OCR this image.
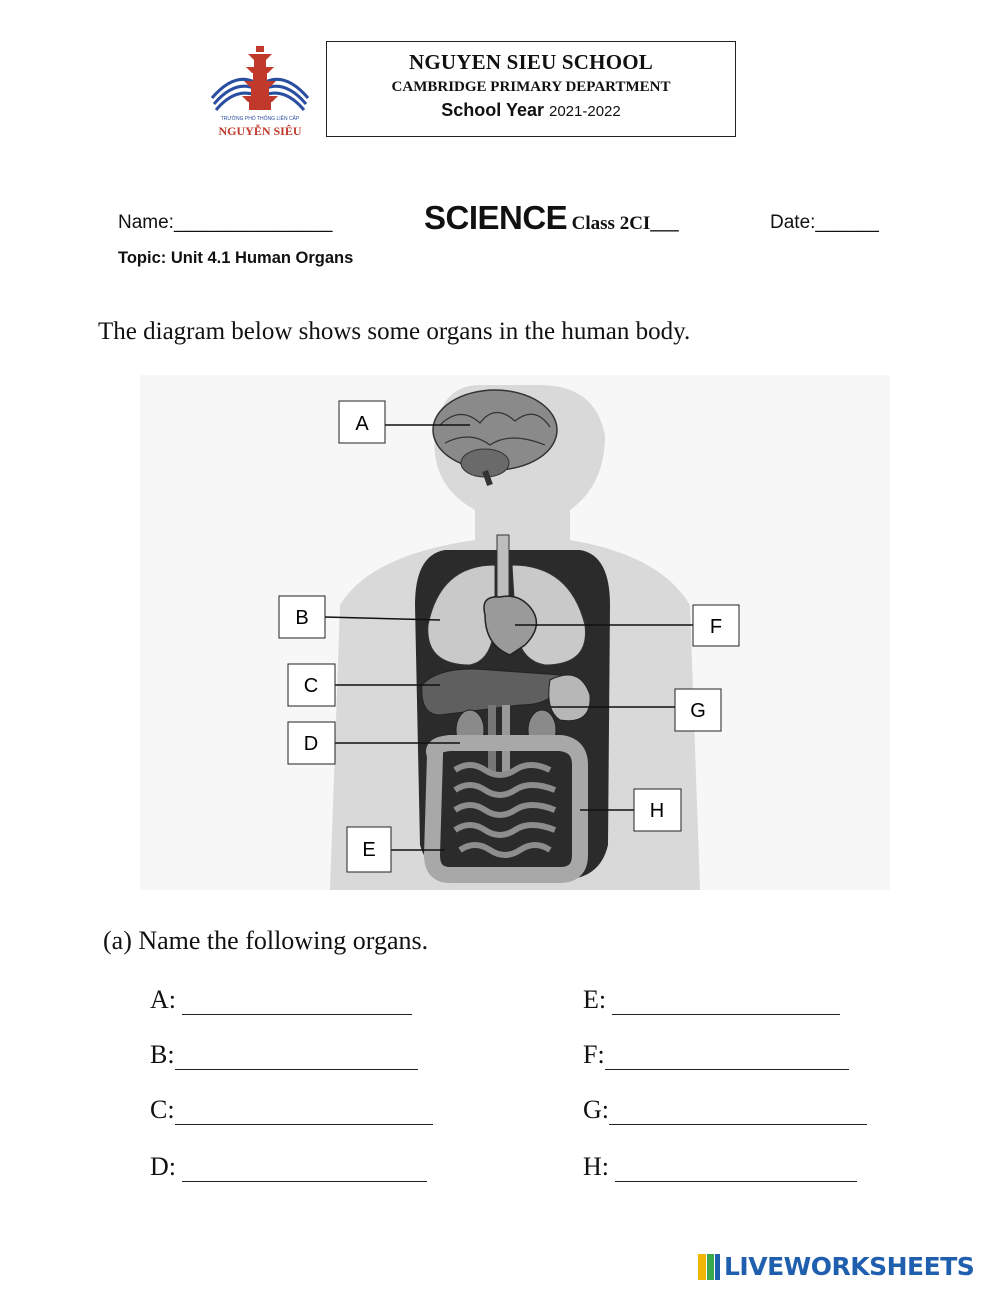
TRƯỜNG PHỔ THÔNG LIÊN CẤP
NGUYỄN SIÊU
NGUYEN SIEU SCHOOL
CAMBRIDGE PRIMARY DEPARTMENT
School Year 2021-2022
Name:_______________	SCIENCE Class 2CI___	Date:______
Topic: Unit 4.1 Human Organs
The diagram below shows some organs in the human body.
A
B
C
D
E
F
G
H
(a) Name the following organs.
A:
B:
C:
D:
E:
F:
G:
H:
LIVEWORKSHEETS
